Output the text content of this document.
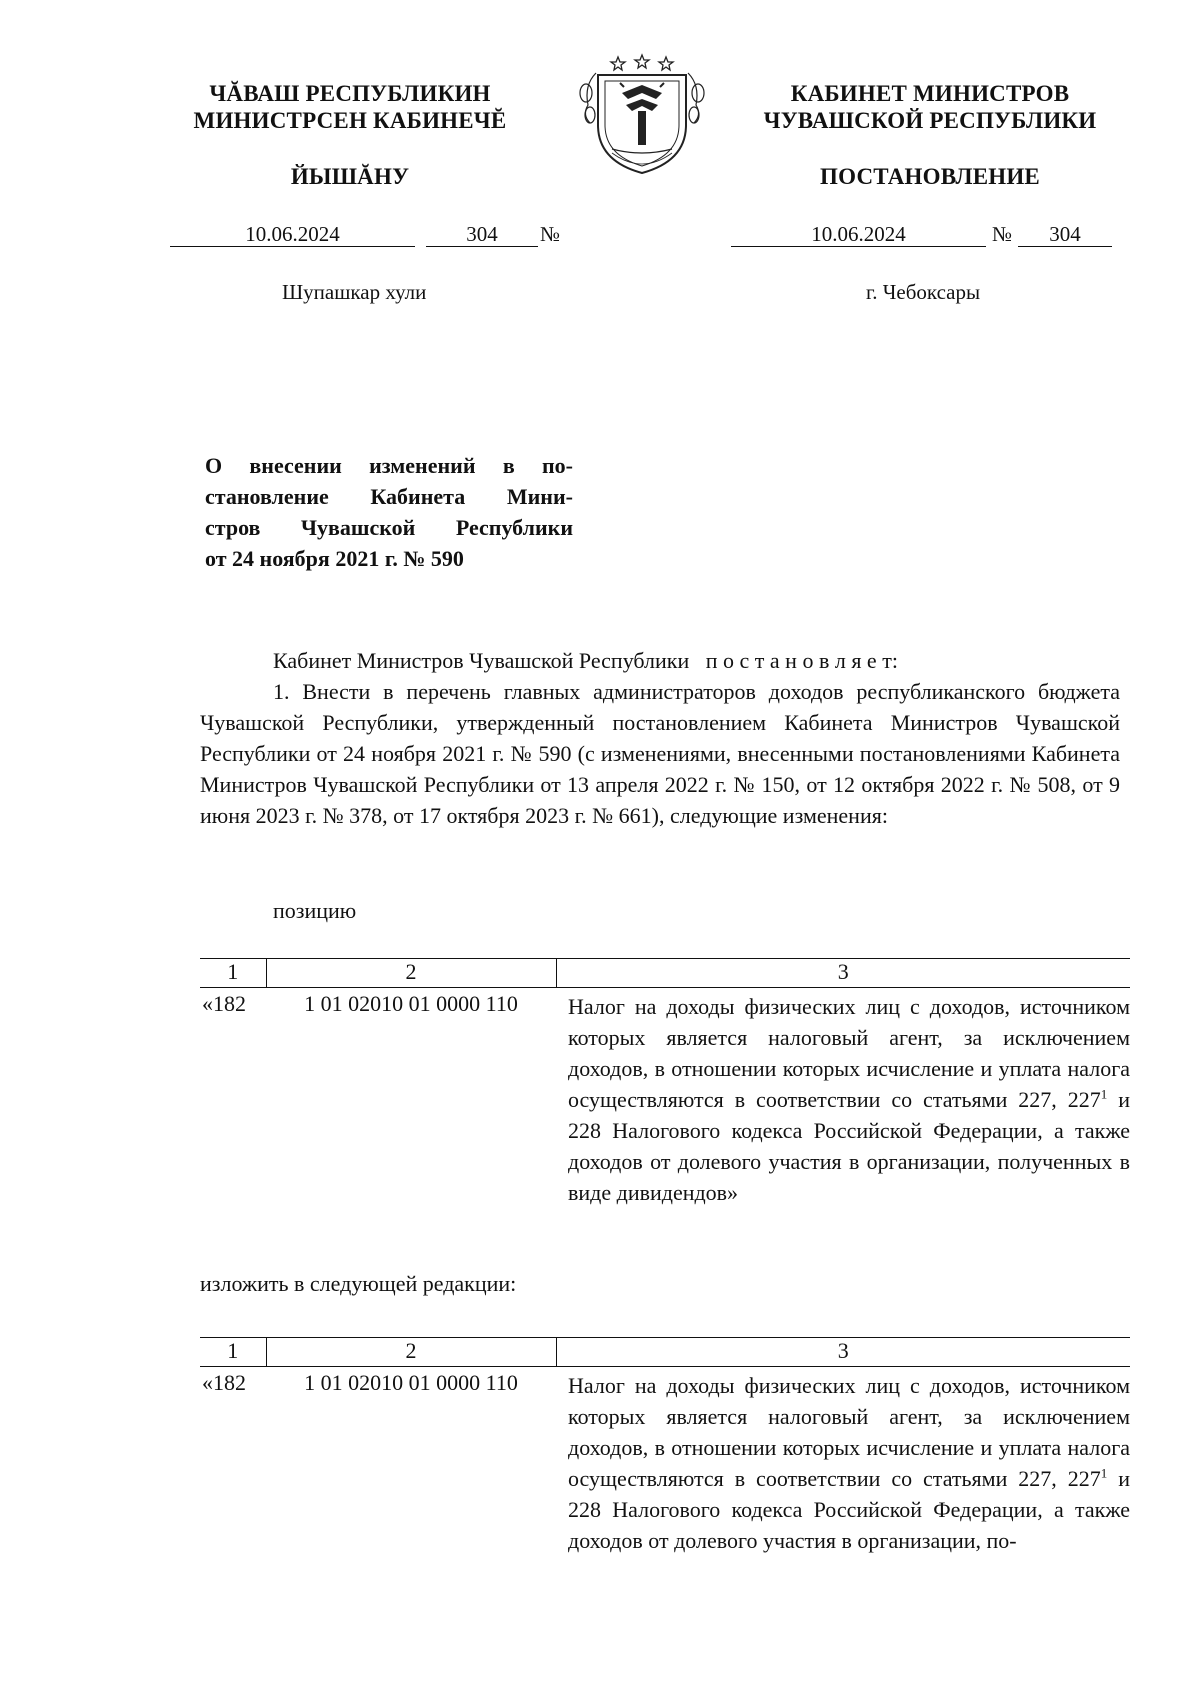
ЧĂВАШ РЕСПУБЛИКИН
МИНИСТРСЕН КАБИНЕЧĔ
ЙЫШĂНУ
КАБИНЕТ МИНИСТРОВ
ЧУВАШСКОЙ РЕСПУБЛИКИ
ПОСТАНОВЛЕНИЕ
10.06.2024	304	№	10.06.2024	№	304
Шупашкар хули	г. Чебоксары
О внесении изменений в по-
становление Кабинета Мини-
стров Чувашской Республики
от 24 ноября 2021 г. № 590
Кабинет Министров Чувашской Республики   п о с т а н о в л я е т:
1. Внести в перечень главных администраторов доходов республиканского бюджета Чувашской Республики, утвержденный постановлением Кабинета Министров Чувашской Республики от 24 ноября 2021 г. № 590 (с изменениями, внесенными постановлениями Кабинета Министров Чувашской Республики от 13 апреля 2022 г. № 150, от 12 октября 2022 г. № 508, от 9 июня 2023 г. № 378, от 17 октября 2023 г. № 661), следующие изменения:
позицию
1	2	3
«182	1 01 02010 01 0000 110	Налог на доходы физических лиц с доходов, источником которых является налоговый агент, за исключением доходов, в отношении которых исчисление и уплата налога осуществляются в соответствии со статьями 227, $227^1$ и 228 Налогового кодекса Российской Федерации, а также доходов от долевого участия в организации, полученных в виде дивидендов»
изложить в следующей редакции:
1	2	3
«182	1 01 02010 01 0000 110	Налог на доходы физических лиц с доходов, источником которых является налоговый агент, за исключением доходов, в отношении которых исчисление и уплата налога осуществляются в соответствии со статьями 227, $227^1$ и 228 Налогового кодекса Российской Федерации, а также доходов от долевого участия в организации, по-
